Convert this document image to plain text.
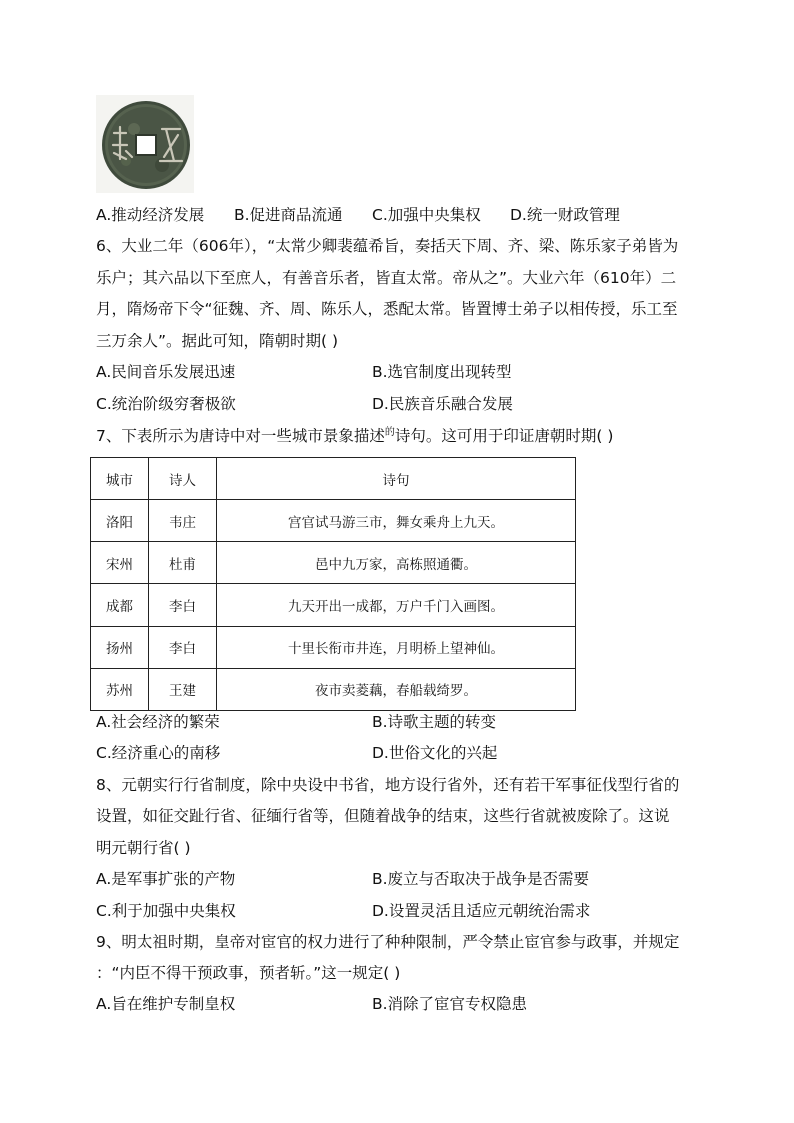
A.推动经济发展 B.促进商品流通 C.加强中央集权 D.统一财政管理
6、大业二年（606年），“太常少卿裴蕴希旨，奏括天下周、齐、梁、陈乐家子弟皆为
乐户；其六品以下至庶人，有善音乐者，皆直太常。帝从之”。大业六年（610年）二
月，隋炀帝下令“征魏、齐、周、陈乐人，悉配太常。皆置博士弟子以相传授，乐工至
三万余人”。据此可知，隋朝时期( )
A.民间音乐发展迅速	B.选官制度出现转型
C.统治阶级穷奢极欲	D.民族音乐融合发展
7、下表所示为唐诗中对一些城市景象描述$^的$诗句。这可用于印证唐朝时期( )
城市	诗人	诗句
洛阳	韦庄	宫官试马游三市，舞女乘舟上九天。
宋州	杜甫	邑中九万家，高栋照通衢。
成都	李白	九天开出一成都，万户千门入画图。
扬州	李白	十里长衔市井连，月明桥上望神仙。
苏州	王建	夜市卖菱藕，春船载绮罗。
A.社会经济的繁荣	B.诗歌主题的转变
C.经济重心的南移	D.世俗文化的兴起
8、元朝实行行省制度，除中央设中书省，地方设行省外，还有若干军事征伐型行省的
设置，如征交趾行省、征缅行省等，但随着战争的结束，这些行省就被废除了。这说
明元朝行省( )
A.是军事扩张的产物	B.废立与否取决于战争是否需要
C.利于加强中央集权	D.设置灵活且适应元朝统治需求
9、明太祖时期，皇帝对宦官的权力进行了种种限制，严令禁止宦官参与政事，并规定
：“内臣不得干预政事，预者斩。”这一规定( )
A.旨在维护专制皇权	B.消除了宦官专权隐患
